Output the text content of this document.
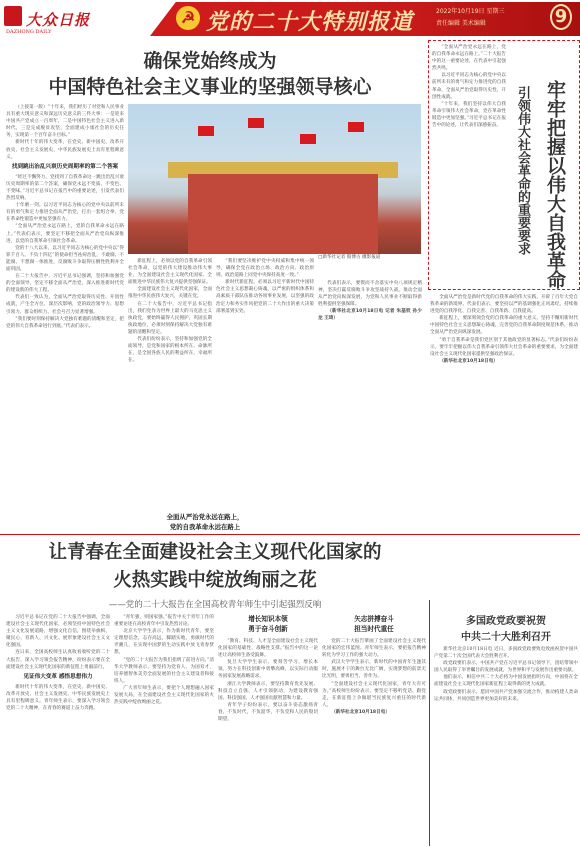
大众日报
DAZHONG DAILY
☭ 党的二十大特别报道	2022年10月19日 星期三
责任编辑 美术编辑	9
确保党始终成为
中国特色社会主义事业的坚强领导核心

（上接第一版）“十年来，我们经历了对党和人民事业具有重大现实意义和深远历史意义的三件大事：一是迎来中国共产党成立一百周年，二是中国特色社会主义进入新时代，三是完成脱贫攻坚、全面建成小康社会的历史任务，实现第一个百年奋斗目标。”

新时代十年的伟大变革，在党史、新中国史、改革开放史、社会主义发展史、中华民族发展史上具有里程碑意义。

找到跳出治乱兴衰历史周期率的第二个答案

“经过不懈努力，党找到了自我革命这一跳出治乱兴衰历史周期率的第二个答案，确保党永远不变质、不变色、不变味。”习近平总书记在报告中的重要论述，引发代表们热烈反响。

十年磨一剑。以习近平同志为核心的党中央以前所未有的勇气和定力推进全面从严治党，打出一套组合拳，党在革命性锻造中更加坚强有力。

“全面从严治党永远在路上，党的自我革命永远在路上。”代表们表示，要坚定不移把全面从严治党向纵深推进，以党的自我革命引领社会革命。

党的十八大以来，以习近平同志为核心的党中央以“得罪千百人、不负十四亿”的使命担当祛疴治乱，不敢腐、不能腐、不想腐一体推进，反腐败斗争取得压倒性胜利并全面巩固。

在二十大报告中，习近平总书记强调，坚持和加强党的全面领导，坚定不移全面从严治党，深入推进新时代党的建设新的伟大工程。

代表们一致认为，全面从严治党取得历史性、开创性成就，产生全方位、深层次影响，党的政治领导力、思想引领力、群众组织力、社会号召力显著增强。

“我们要时刻保持解决大党独有难题的清醒和坚定，把党的伟大自我革命进行到底。”代表们表示。

□新华社记者 殷博古 摄影报道

新征程上，必须以党的自我革命引领社会革命，以党的伟大建设推动伟大事业，为全面建设社会主义现代化国家、全面推进中华民族伟大复兴提供坚强保证。

全面建设社会主义现代化国家，全面推进中华民族伟大复兴，关键在党。

在二十大报告中，习近平总书记指出，我们党作为世界上最大的马克思主义执政党，要始终赢得人民拥护、巩固长期执政地位，必须时刻保持解决大党独有难题的清醒和坚定。

代表们纷纷表示，坚持和加强党的全面领导，是党和国家的根本所在、命脉所在，是全国各族人民的利益所在、幸福所在。

“我们要坚决维护党中央权威和集中统一领导，确保全党在政治立场、政治方向、政治原则、政治道路上同党中央保持高度一致。”

新时代新征程，必须以习近平新时代中国特色社会主义思想凝心铸魂，以严密的组织体系和高素质干部队伍推动各项事业发展，以坚强的政治定力和务实作风把党的二十大作出的重大决策部署落到实处。

代表们表示，要锲而不舍落实中央八项规定精神，坚决打赢反腐败斗争攻坚战持久战，推动全面从严治党向纵深发展，为党和人民事业不断取得新胜利提供坚强保障。

（新华社北京10月18日电 记者 朱基钗 孙少龙 王琦）

全面从严治党永远在路上，
党的自我革命永远在路上

“全面从严治党永远在路上，党的自我革命永远在路上。”二十大报告中的这一重要论述，在代表中引起强烈共鸣。

以习近平同志为核心的党中央以前所未有的勇气和定力推进党的自我革命，全面从严治党取得历史性、开创性成就。

“十年来，我们坚持以伟大自我革命引领伟大社会革命，党在革命性锻造中更加坚强。”习近平总书记在报告中的论述，让代表们深感振奋。 牢牢把握以伟大自我革命
引领伟大社会革命的重要要求

全面从严治党是新时代党的自我革命的伟大实践，开辟了百年大党自我革命的新境界。代表们表示，要坚持以严的基调强化正风肃纪，持续推进党的自我净化、自我完善、自我革新、自我提高。

新征程上，要深刻领会党的自我革命的重大意义，坚持不懈用新时代中国特色社会主义思想凝心铸魂，完善党的自我革命制度规范体系，推动全面从严治党向纵深发展。

“勇于自我革命是我们党区别于其他政党的显著标志。”代表们纷纷表示，要牢牢把握以伟大自我革命引领伟大社会革命的重要要求，为全面建设社会主义现代化国家提供坚强政治保证。

（新华社北京10月18日电）

让青春在全面建设社会主义现代化国家的
火热实践中绽放绚丽之花
——党的二十大报告在全国高校青年师生中引起强烈反响

习近平总书记在党的二十大报告中强调，全面建设社会主义现代化国家，必须坚持中国特色社会主义文化发展道路，增强文化自信，围绕举旗帜、聚民心、育新人、兴文化、展形象建设社会主义文化强国。

连日来，全国高校师生认真收看收听党的二十大报告，深入学习领会报告精神，纷纷表示要在全面建设社会主义现代化国家的新征程上勇毅前行。

见证伟大变革 感悟思想伟力

新时代十年的伟大变革，在党史、新中国史、改革开放史、社会主义发展史、中华民族发展史上具有里程碑意义。青年师生表示，要深入学习领会党的二十大精神，在青春的赛道上奋力奔跑。

“青年强，则国家强。”报告中关于青年工作的重要论述在高校青年中引发热烈讨论。

北京大学学生表示，作为新时代青年，要坚定理想信念，志存高远，脚踏实地，勇做时代的弄潮儿，在实现中国梦的生动实践中放飞青春梦想。

“党的二十大报告为我们指明了前进方向。”清华大学教师表示，要坚持为党育人、为国育才，培养德智体美劳全面发展的社会主义建设者和接班人。

广大青年师生表示，要把个人理想融入国家发展大局，在全面建设社会主义现代化国家的火热实践中绽放绚丽之花。

增长知识本领
勇于奋斗创新

“教育、科技、人才是全面建设社会主义现代化国家的基础性、战略性支撑。”报告中的这一论述让高校师生备受鼓舞。

复旦大学学生表示，要刻苦学习、增长本领，努力在科技创新中勇攀高峰，以实际行动服务国家发展战略需求。

浙江大学教师表示，要坚持教育优先发展、科技自立自强、人才引领驱动，为建设教育强国、科技强国、人才强国贡献智慧和力量。

青年学子纷纷表示，要以奋斗姿态激扬青春，不负时代，不负韶华，不负党和人民的殷切期望。

矢志拼搏奋斗
担当时代重任

党的二十大报告擘画了全面建设社会主义现代化国家的宏伟蓝图。青年师生表示，要把报告精神转化为学习工作的强大动力。

武汉大学学生表示，新时代的中国青年生逢其时，施展才干的舞台无比广阔，实现梦想的前景无比光明，要勇担当、善作为。

“全面建设社会主义现代化国家，青年大有可为。”高校师生纷纷表示，要坚定不移听党话、跟党走，在新征程上争做堪当民族复兴重任的时代新人。

（新华社北京10月18日电）

多国政党政要祝贺
中共二十大胜利召开

新华社北京10月18日电 近日，多国政党政要致电致函祝贺中国共产党第二十次全国代表大会胜利召开。

政党政要们表示，中国共产党在习近平总书记领导下，团结带领中国人民取得了举世瞩目的发展成就，为世界和平与发展作出重要贡献。

他们表示，相信中共二十大必将为中国发展指明方向，中国将在全面建设社会主义现代化国家新征程上取得新的更大成就。

政党政要们表示，愿同中国共产党加强交流合作，推动构建人类命运共同体，共同创造世界更加美好的未来。
